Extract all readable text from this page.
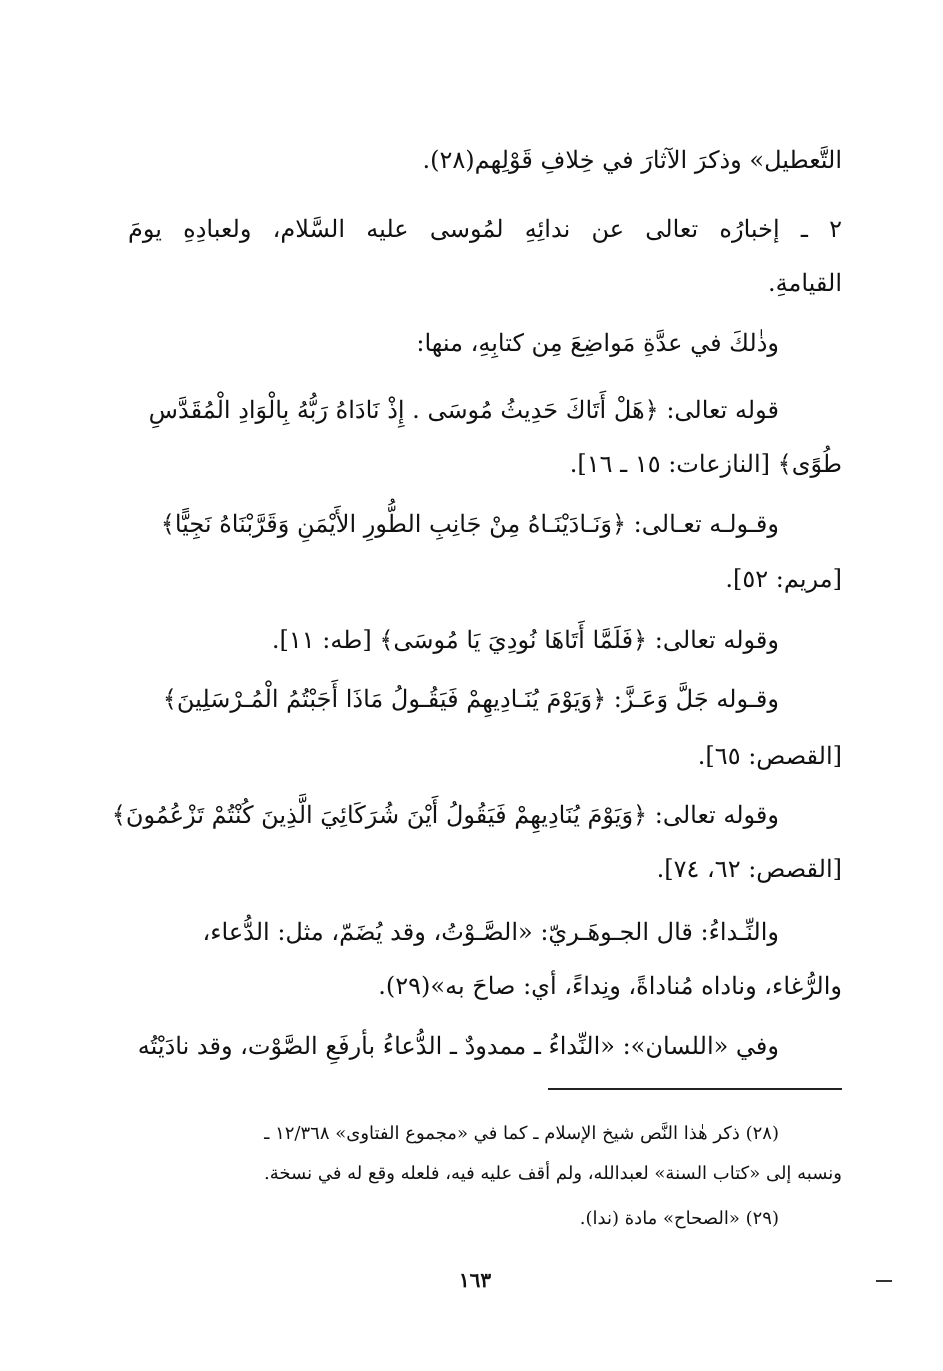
التَّعطيل» وذكرَ الآثارَ في خِلافِ قَوْلِهم(٢٨).
٢ ـ إخبارُه تعالى عن ندائِهِ لمُوسى عليه السَّلام، ولعبادِهِ يومَ
القيامةِ.
وذٰلكَ في عدَّةِ مَواضِعَ مِن كتابِهِ، منها:
قوله تعالى: ﴿هَلْ أَتَاكَ حَدِيثُ مُوسَى . إِذْ نَادَاهُ رَبُّهُ بِالْوَادِ الْمُقَدَّسِ
طُوًى﴾ [النازعات: ١٥ ـ ١٦].
وقـولـه تعـالى: ﴿وَنَـادَيْنَـاهُ مِنْ جَانِبِ الطُّورِ الأَيْمَنِ وَقَرَّبْنَاهُ نَجِيًّا﴾
[مريم: ٥٢].
وقوله تعالى: ﴿فَلَمَّا أَتَاهَا نُودِيَ يَا مُوسَى﴾ [طه: ١١].
وقـوله جَلَّ وَعَـزَّ: ﴿وَيَوْمَ يُنَـادِيهِمْ فَيَقُـولُ مَاذَا أَجَبْتُمُ الْمُـرْسَلِينَ﴾
[القصص: ٦٥].
وقوله تعالى: ﴿وَيَوْمَ يُنَادِيهِمْ فَيَقُولُ أَيْنَ شُرَكَائِيَ الَّذِينَ كُنْتُمْ تَزْعُمُونَ﴾
[القصص: ٦٢، ٧٤].
والنِّـداءُ: قال الجـوهَـريّ: «الصَّـوْتُ، وقد يُضَمّ، مثل: الدُّعاء،
والرُّغاء، وناداه مُناداةً، ونِداءً، أي: صاحَ به»(٢٩).
وفي «اللسان»: «النِّداءُ ـ ممدودٌ ـ الدُّعاءُ بأرفَعِ الصَّوْت، وقد نادَيْتُه
(٢٨) ذكر هٰذا النَّص شيخ الإسلام ـ كما في «مجموع الفتاوى» ١٢/٣٦٨ ـ
ونسبه إلى «كتاب السنة» لعبدالله، ولم أقف عليه فيه، فلعله وقع له في نسخة.
(٢٩) «الصحاح» مادة (ندا).
١٦٣
